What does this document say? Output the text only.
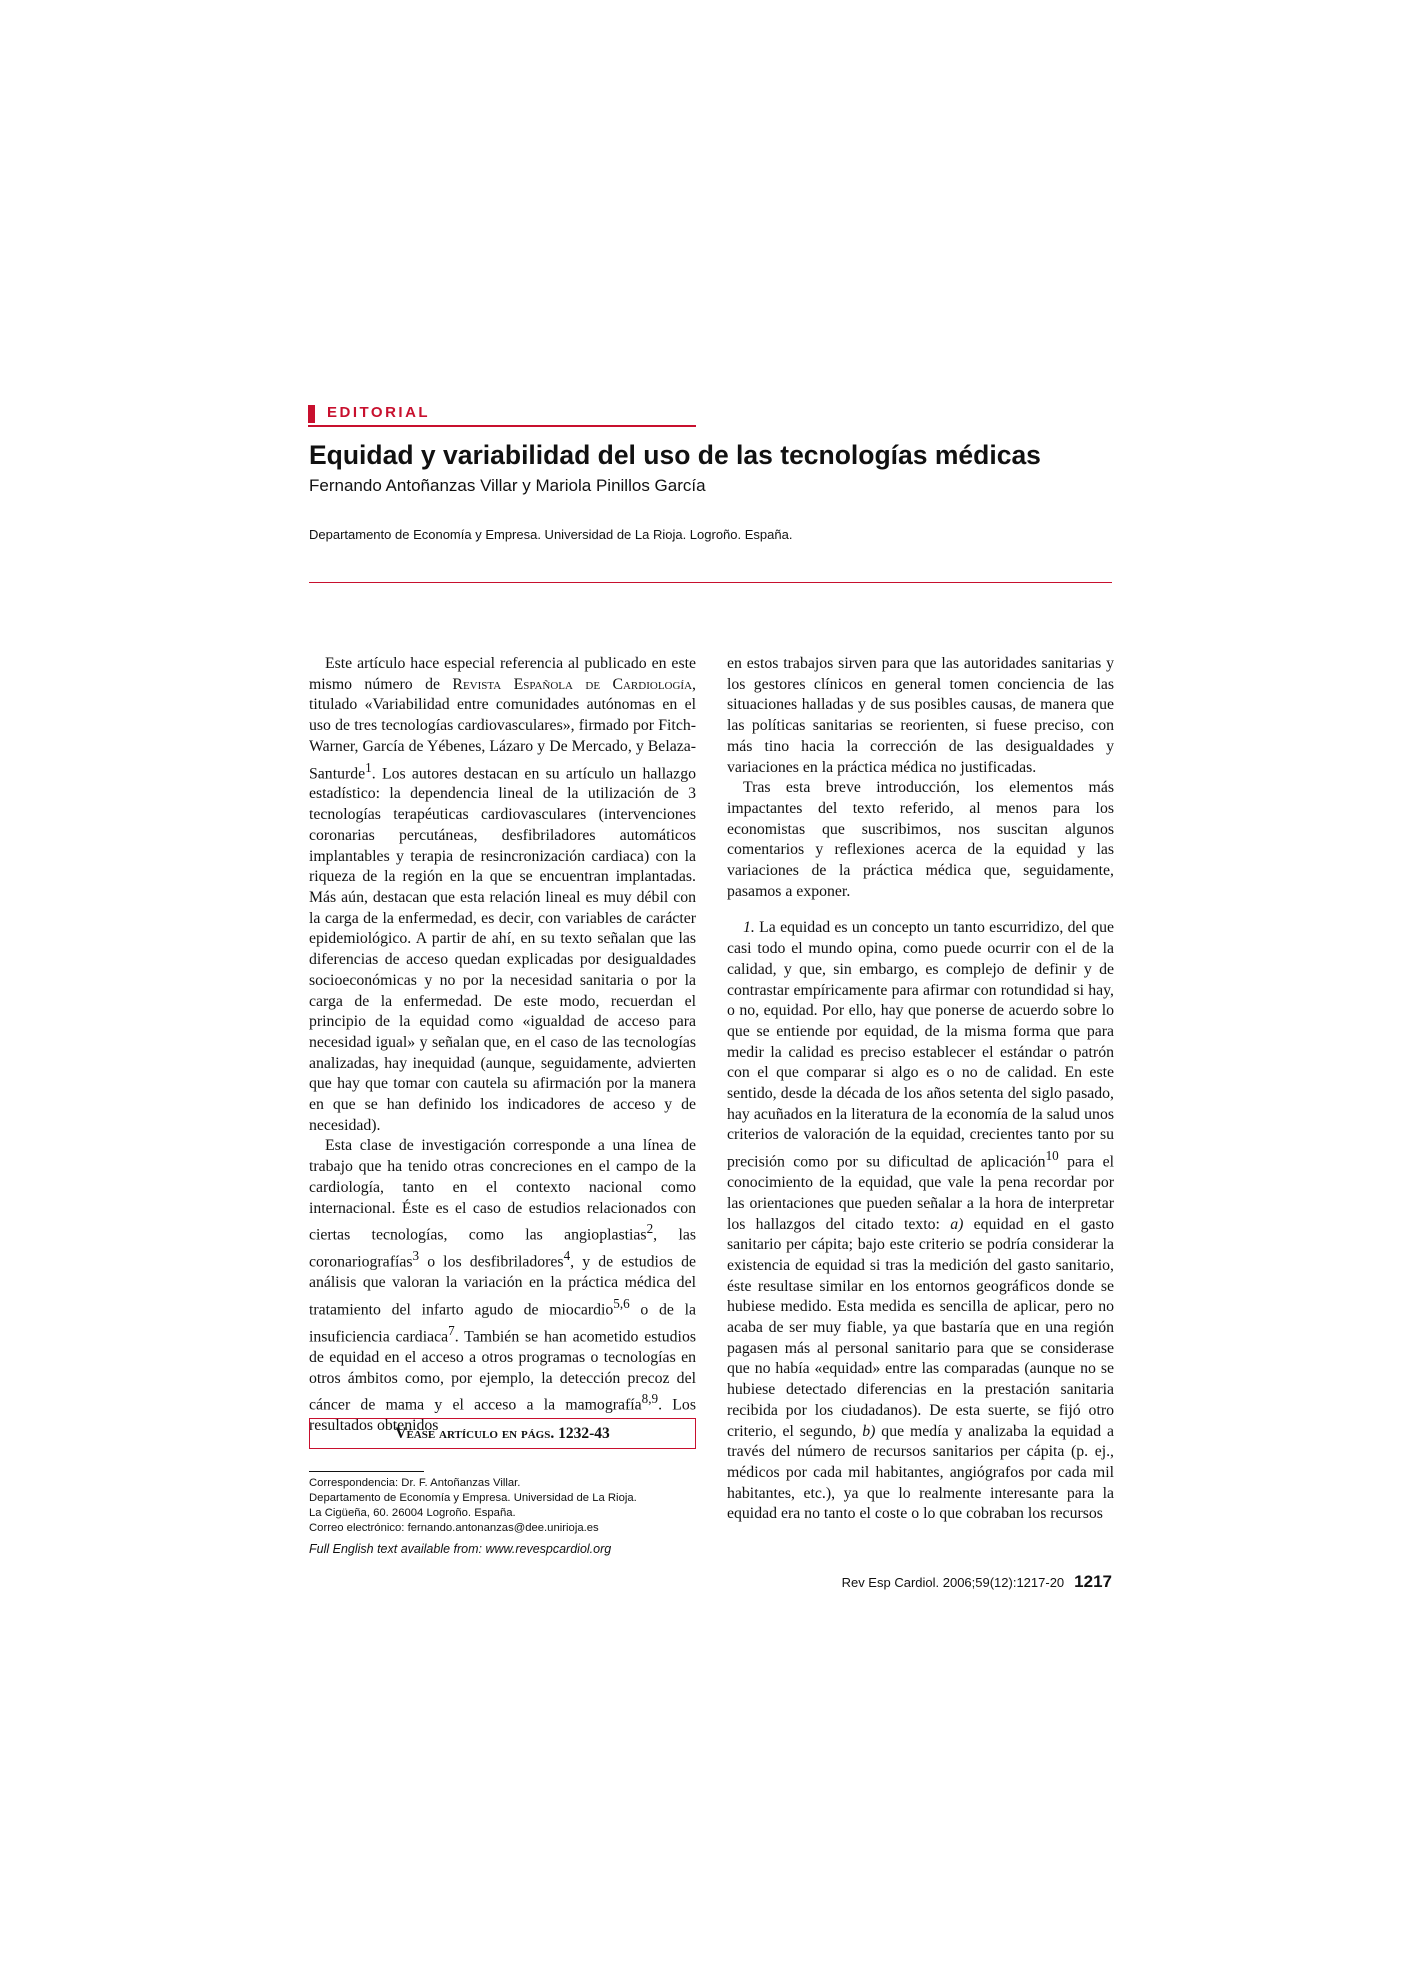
EDITORIAL
Equidad y variabilidad del uso de las tecnologías médicas
Fernando Antoñanzas Villar y Mariola Pinillos García
Departamento de Economía y Empresa. Universidad de La Rioja. Logroño. España.

Este artículo hace especial referencia al publicado en este mismo número de Revista Española de Cardiología, titulado «Variabilidad entre comunidades autónomas en el uso de tres tecnologías cardiovasculares», firmado por Fitch-Warner, García de Yébenes, Lázaro y De Mercado, y Belaza-Santurde$^1$. Los autores destacan en su artículo un hallazgo estadístico: la dependencia lineal de la utilización de 3 tecnologías terapéuticas cardiovasculares (intervenciones coronarias percutáneas, desfibriladores automáticos implantables y terapia de resincronización cardiaca) con la riqueza de la región en la que se encuentran implantadas. Más aún, destacan que esta relación lineal es muy débil con la carga de la enfermedad, es decir, con variables de carácter epidemiológico. A partir de ahí, en su texto señalan que las diferencias de acceso quedan explicadas por desigualdades socioeconómicas y no por la necesidad sanitaria o por la carga de la enfermedad. De este modo, recuerdan el principio de la equidad como «igualdad de acceso para necesidad igual» y señalan que, en el caso de las tecnologías analizadas, hay inequidad (aunque, seguidamente, advierten que hay que tomar con cautela su afirmación por la manera en que se han definido los indicadores de acceso y de necesidad).

Esta clase de investigación corresponde a una línea de trabajo que ha tenido otras concreciones en el campo de la cardiología, tanto en el contexto nacional como internacional. Éste es el caso de estudios relacionados con ciertas tecnologías, como las angioplastias$^2$, las coronariografías$^3$ o los desfibriladores$^4$, y de estudios de análisis que valoran la variación en la práctica médica del tratamiento del infarto agudo de miocardio$^{5,6}$ o de la insuficiencia cardiaca$^7$. También se han acometido estudios de equidad en el acceso a otros programas o tecnologías en otros ámbitos como, por ejemplo, la detección precoz del cáncer de mama y el acceso a la mamografía$^{8,9}$. Los resultados obtenidos

en estos trabajos sirven para que las autoridades sanitarias y los gestores clínicos en general tomen conciencia de las situaciones halladas y de sus posibles causas, de manera que las políticas sanitarias se reorienten, si fuese preciso, con más tino hacia la corrección de las desigualdades y variaciones en la práctica médica no justificadas.

Tras esta breve introducción, los elementos más impactantes del texto referido, al menos para los economistas que suscribimos, nos suscitan algunos comentarios y reflexiones acerca de la equidad y las variaciones de la práctica médica que, seguidamente, pasamos a exponer.

1. La equidad es un concepto un tanto escurridizo, del que casi todo el mundo opina, como puede ocurrir con el de la calidad, y que, sin embargo, es complejo de definir y de contrastar empíricamente para afirmar con rotundidad si hay, o no, equidad. Por ello, hay que ponerse de acuerdo sobre lo que se entiende por equidad, de la misma forma que para medir la calidad es preciso establecer el estándar o patrón con el que comparar si algo es o no de calidad. En este sentido, desde la década de los años setenta del siglo pasado, hay acuñados en la literatura de la economía de la salud unos criterios de valoración de la equidad, crecientes tanto por su precisión como por su dificultad de aplicación$^{10}$ para el conocimiento de la equidad, que vale la pena recordar por las orientaciones que pueden señalar a la hora de interpretar los hallazgos del citado texto: a) equidad en el gasto sanitario per cápita; bajo este criterio se podría considerar la existencia de equidad si tras la medición del gasto sanitario, éste resultase similar en los entornos geográficos donde se hubiese medido. Esta medida es sencilla de aplicar, pero no acaba de ser muy fiable, ya que bastaría que en una región pagasen más al personal sanitario para que se considerase que no había «equidad» entre las comparadas (aunque no se hubiese detectado diferencias en la prestación sanitaria recibida por los ciudadanos). De esta suerte, se fijó otro criterio, el segundo, b) que medía y analizaba la equidad a través del número de recursos sanitarios per cápita (p. ej., médicos por cada mil habitantes, angiógrafos por cada mil habitantes, etc.), ya que lo realmente interesante para la equidad era no tanto el coste o lo que cobraban los recursos

Véase artículo en págs. 1232-43
Correspondencia: Dr. F. Antoñanzas Villar.
Departamento de Economía y Empresa. Universidad de La Rioja.
La Cigüeña, 60. 26004 Logroño. España.
Correo electrónico: fernando.antonanzas@dee.unirioja.es
Full English text available from: www.revespcardiol.org
Rev Esp Cardiol. 2006;59(12):1217-20 1217
